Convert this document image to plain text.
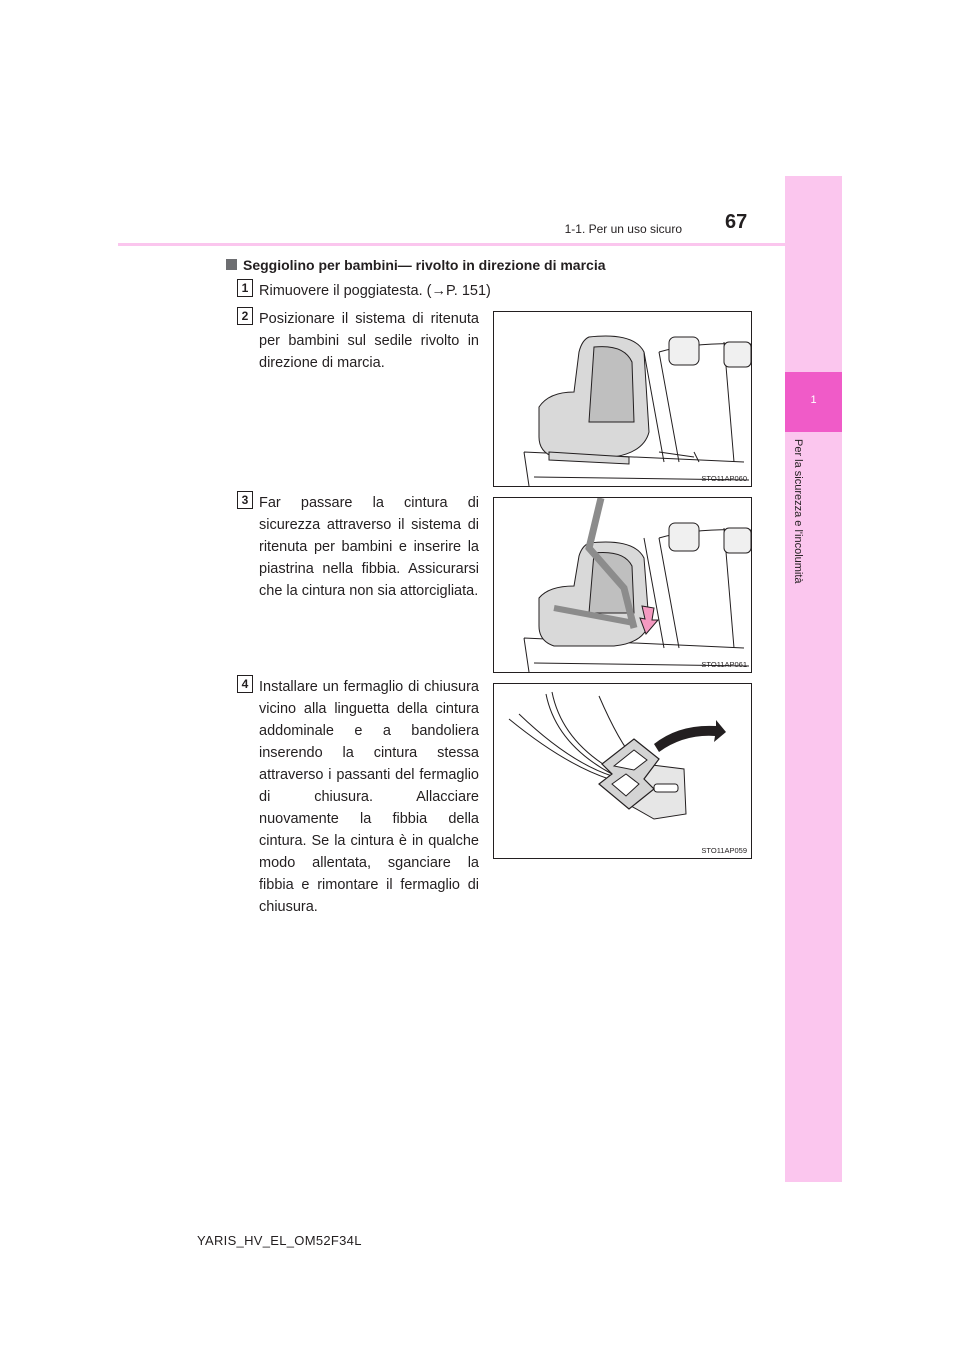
1
Per la sicurezza e l'incolumità
1-1. Per un uso sicuro 67
Seggiolino per bambini— rivolto in direzione di marcia
1 Rimuovere il poggiatesta. (→P. 151)
2 Posizionare il sistema di ritenuta per bambini sul sedile rivolto in direzione di marcia.
STO11AP060
3 Far passare la cintura di sicurezza attraverso il sistema di ritenuta per bambini e inserire la piastrina nella fibbia. Assicurarsi che la cintura non sia attorcigliata.
STO11AP061
4 Installare un fermaglio di chiusura vicino alla linguetta della cintura addominale e a bandoliera inserendo la cintura stessa attraverso i passanti del fermaglio di chiusura. Allacciare nuovamente la fibbia della cintura. Se la cintura è in qualche modo allentata, sganciare la fibbia e rimontare il fermaglio di chiusura.
STO11AP059
YARIS_HV_EL_OM52F34L
